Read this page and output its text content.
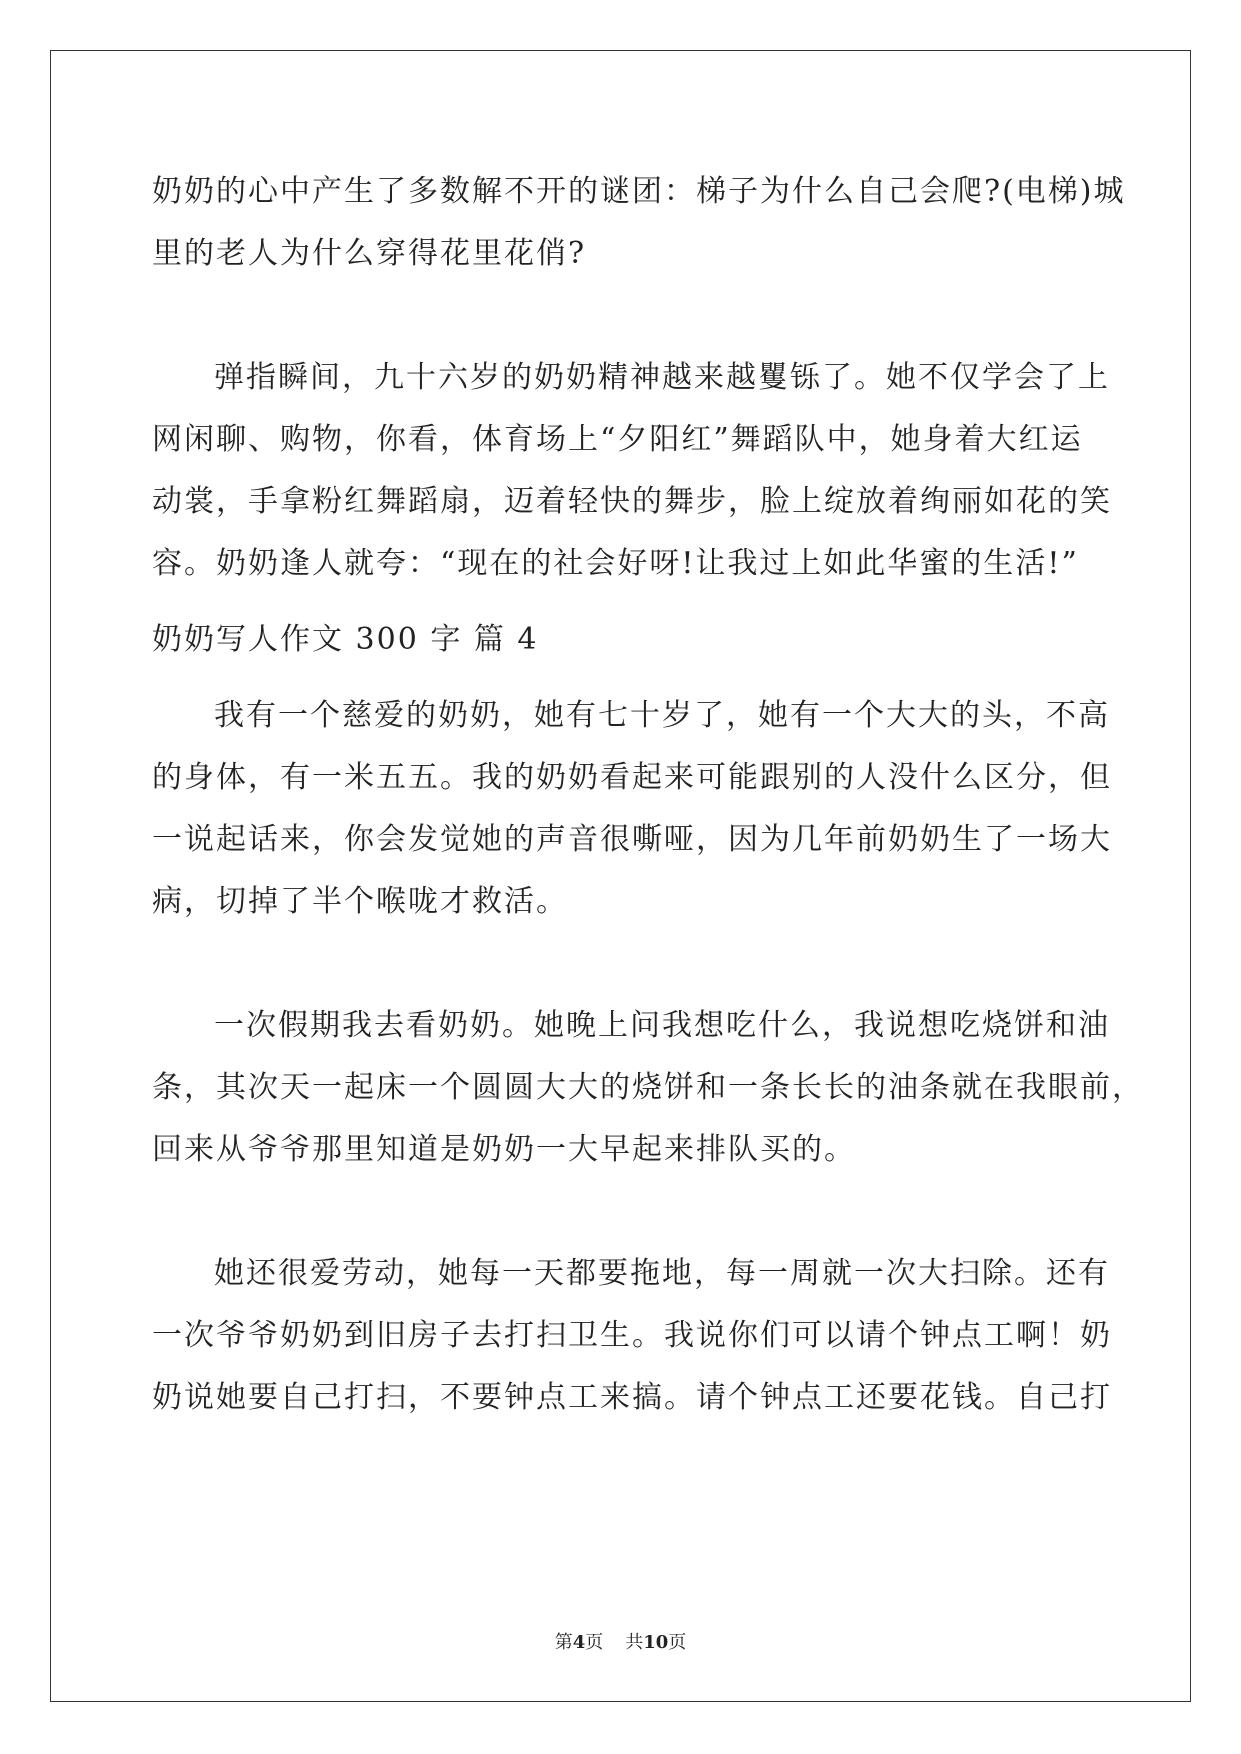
奶奶的心中产生了多数解不开的谜团：梯子为什么自己会爬?(电梯)城
里的老人为什么穿得花里花俏?
弹指瞬间，九十六岁的奶奶精神越来越矍铄了。她不仅学会了上
网闲聊、购物，你看，体育场上“夕阳红”舞蹈队中，她身着大红运
动裳，手拿粉红舞蹈扇，迈着轻快的舞步，脸上绽放着绚丽如花的笑
容。奶奶逢人就夸：“现在的社会好呀!让我过上如此华蜜的生活!”
奶奶写人作文 300 字 篇 4
我有一个慈爱的奶奶，她有七十岁了，她有一个大大的头，不高
的身体，有一米五五。我的奶奶看起来可能跟别的人没什么区分，但
一说起话来，你会发觉她的声音很嘶哑，因为几年前奶奶生了一场大
病，切掉了半个喉咙才救活。
一次假期我去看奶奶。她晚上问我想吃什么，我说想吃烧饼和油
条，其次天一起床一个圆圆大大的烧饼和一条长长的油条就在我眼前，
回来从爷爷那里知道是奶奶一大早起来排队买的。
她还很爱劳动，她每一天都要拖地，每一周就一次大扫除。还有
一次爷爷奶奶到旧房子去打扫卫生。我说你们可以请个钟点工啊！奶
奶说她要自己打扫，不要钟点工来搞。请个钟点工还要花钱。自己打
第4页 共10页
